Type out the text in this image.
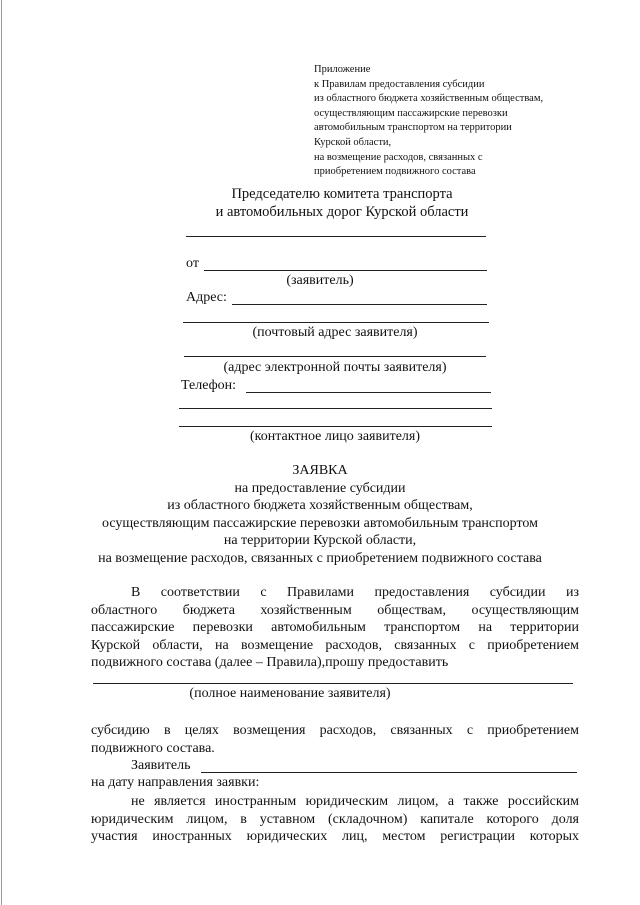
Приложение
к Правилам предоставления субсидии
из областного бюджета хозяйственным обществам,
осуществляющим пассажирские перевозки
автомобильным транспортом на территории
Курской области,
на возмещение расходов, связанных с
приобретением подвижного состава
Председателю комитета транспорта
и автомобильных дорог Курской области
от
(заявитель)
Адрес:
(почтовый адрес заявителя)
(адрес электронной почты заявителя)
Телефон:
(контактное лицо заявителя)
ЗАЯВКА
на предоставление субсидии
из областного бюджета хозяйственным обществам,
осуществляющим пассажирские перевозки автомобильным транспортом
на территории Курской области,
на возмещение расходов, связанных с приобретением подвижного состава
В соответствии с Правилами предоставления субсидии из
областного бюджета хозяйственным обществам, осуществляющим
пассажирские перевозки автомобильным транспортом на территории
Курской области, на возмещение расходов, связанных с приобретением
подвижного состава (далее – Правила),прошу предоставить
(полное наименование заявителя)
субсидию в целях возмещения расходов, связанных с приобретением
подвижного состава.
Заявитель
на дату направления заявки:
не является иностранным юридическим лицом, а также российским
юридическим лицом, в уставном (складочном) капитале которого доля
участия иностранных юридических лиц, местом регистрации которых
